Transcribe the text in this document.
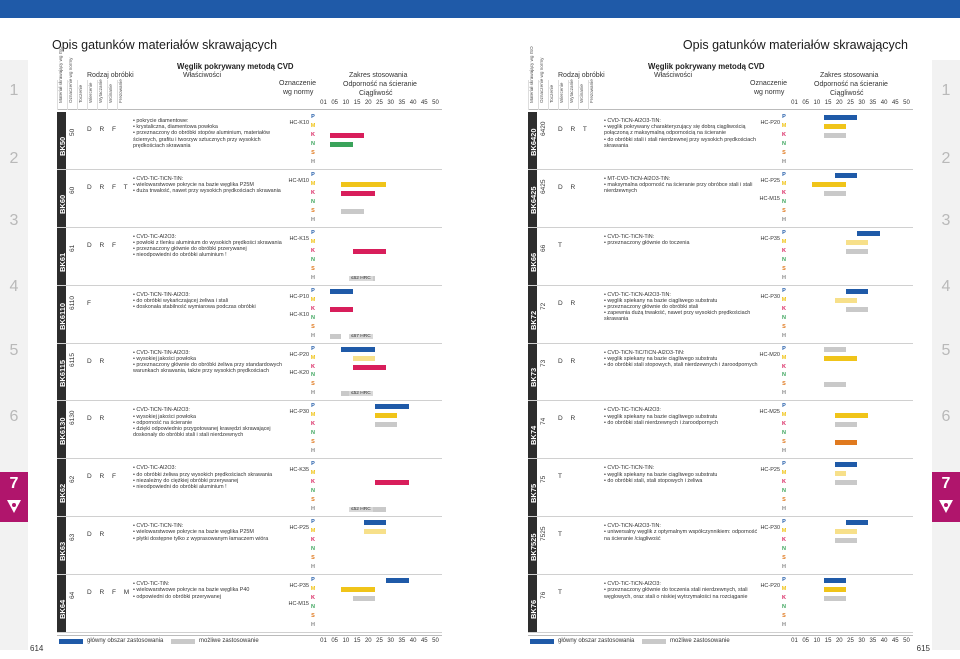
Opis gatunków materiałów skrawających
1
2
3
4
5
6
7
Węglik pokrywany metodą CVD
Rodzaj obróbki	Właściwości
Oznaczenie
wg normy
Zakres stosowania
Odporność na ścieranie
Ciągliwość
Materiał skrawający wg ISO Oznaczenie wg normy Toczenie Wiercenie Wytaczanie Wcinanie Frezowanie	01 05 10 15 20 25 30 35 40 45 50
BK50
50 D R F
• pokrycie diamentowe:
• krystaliczna, diamentowa powłoka
• przeznaczony do obróbki stopów aluminium, materiałów ściernych, grafitu i tworzyw sztucznych przy wysokich prędkościach skrawania
HC-K10
P
M
K
N
S
H
BK60
60 D R F T
• CVD-TiC-TiCN-TiN:
• wielowarstwowe pokrycie na bazie węglika P25M
• duża trwałość, nawet przy wysokich prędkościach skrawania
HC-M10
P
M
K
N
S
H
BK61
61 D R F
• CVD-TiC-Al2O3:
• powłoki z tlenku aluminium do wysokich prędkości skrawania
• przeznaczony głównie do obróbki przerywanej
• nieodpowiedni do obróbki aluminium !
HC-K15
P
M
K
N
S
H	≤62 HRC
BK6110 6110 F
• CVD-TiCN-TiN-Al2O3:
• do obróbki wykańczającej żeliwa i stali
• doskonała stabilność wymiarowa podczas obróbki
HC-P10
HC-K10
P
M
K
N
S
H	≤67 HRC
BK6115 6115 D R
• CVD-TiCN-TiN-Al2O3:
• wysokiej jakości powłoka
• przeznaczony głównie do obróbki żeliwa przy standardowych warunkach skrawania, także przy wysokich prędkościach
HC-P20
HC-K20
P
M
K
N
S
H	≤52 HRC
BK6130 6130 D R
• CVD-TiCN-TiN-Al2O3:
• wysokiej jakości powłoka
• odporność na ścieranie
• dzięki odpowiednio przygotowanej krawędzi skrawającej doskonały do obróbki stali i stali nierdzewnych
HC-P30
P
M
K
N
S
H
BK62
62 D R F
• CVD-TiC-Al2O3:
• do obróbki żeliwa przy wysokich prędkościach skrawania
• niezależny do ciężkiej obróbki przerywanej
• nieodpowiedni do obróbki aluminium !
HC-K35
P
M
K
N
S
H	≤52 HRC
BK63
63 D R
• CVD-TiC-TiCN-TiN:
• wielowarstwowe pokrycie na bazie węglika P25M
• płytki dostępne tylko z wyprasowanym łamaczem wióra
HC-P25
P
M
K
N
S
H
BK64
64 D R F M
• CVD-TiC-TiN:
• wielowarstwowe pokrycie na bazie węglika P40
• odpowiedni do obróbki przerywanej
HC-P35
HC-M15
P
M
K
N
S
H
główny obszar zastosowania	możliwe zastosowanie	01 05 10 15 20 25 30 35 40 45 50
614
Opis gatunków materiałów skrawających
1
2
3
4
5
6
7
Węglik pokrywany metodą CVD
Rodzaj obróbki	Właściwości
Oznaczenie
wg normy
Zakres stosowania
Odporność na ścieranie
Ciągliwość
Materiał skrawający wg ISO Oznaczenie wg normy Toczenie Wiercenie Wytaczanie Wcinanie Frezowanie	01 05 10 15 20 25 30 35 40 45 50
BK6420 6420 D R T
• CVD-TiCN-Al2O3-TiN:
• węglik pokrywany charakteryzujący się dobrą ciągliwością połączoną z maksymalną odpornością na ścieranie
• do obróbki stali i stali nierdzewnej przy wysokich prędkościach skrawania
HC-P20
P
M
K
N
S
H
BK6425 6425 D R
• MT-CVD-TiCN-Al2O3-TiN:
• maksymalna odporność na ścieranie przy obróbce stali i stali nierdzewnych
HC-P25
HC-M15
P
M
K
N
S
H
BK66
66 T
• CVD-TiC-TiCN-TiN:
• przeznaczony głównie do toczenia
HC-P35
P
M
K
N
S
H
BK72
72 D R
• CVD-TiC-TiCN-Al2O3-TiN:
• węglik spiekany na bazie ciągliwego substratu
• przeznaczony głównie do obróbki stali
• zapewnia dużą trwałość, nawet przy wysokich prędkościach skrawania
HC-P30
P
M
K
N
S
H
BK73
73 D R
• CVD-TiCN-TiC/TiCN-Al2O3-TiN:
• węglik spiekany na bazie ciągliwego substratu
• do obróbki stali stopowych, stali nierdzewnych i żaroodpornych
HC-M20
P
M
K
N
S
H
BK74
74 D R
• CVD-TiC-TiCN-Al2O3:
• węglik spiekany na bazie ciągliwego substratu
• do obróbki stali nierdzewnych i żaroodpornych
HC-M25
P
M
K
N
S
H
BK75
75 T
• CVD-TiC-TiCN-TiN:
• węglik spiekany na bazie ciągliwego substratu
• do obróbki stali, stali stopowych i żeliwa
HC-P25
P
M
K
N
S
H
BK7525 7525 T
• CVD-TiCN-Al2O3-TiN:
• uniwersalny węglik z optymalnym współczynnikiem: odporność na ścieranie /ciągliwość
HC-P30
P
M
K
N
S
H
BK76
76 T
• CVD-TiC-TiCN-Al2O3:
• przeznaczony głównie do toczenia stali nierdzewnych, stali węglowych, oraz stali o niskiej wytrzymałości na rozciąganie
HC-P20
P
M
K
N
S
H
główny obszar zastosowania	możliwe zastosowanie	01 05 10 15 20 25 30 35 40 45 50
615
